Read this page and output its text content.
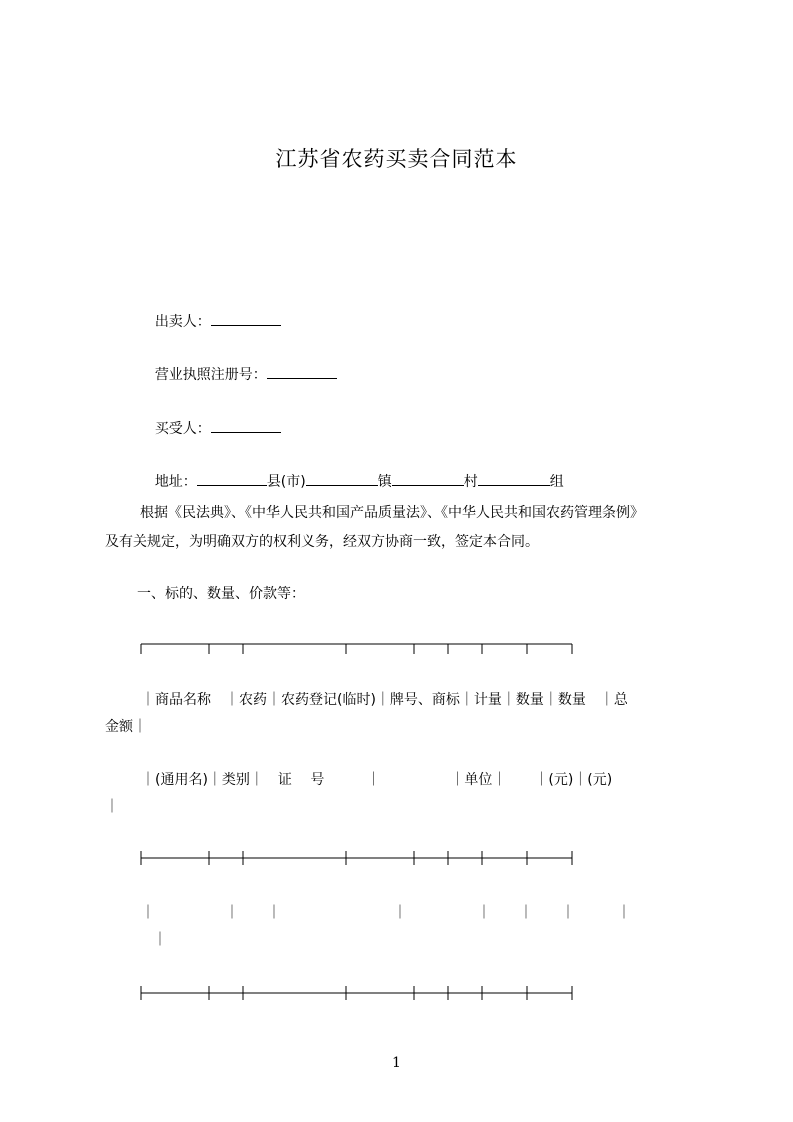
江苏省农药买卖合同范本

出卖人：

营业执照注册号：

买受人：

地址：	县(市)	镇	村	组

根据《民法典》、《中华人民共和国产品质量法》、《中华人民共和国农药管理条例》
及有关规定，为明确双方的权利义务，经双方协商一致，签定本合同。
一、标的、数量、价款等：
｜商品名称　｜农药｜农药登记(临时)｜牌号、商标｜计量｜数量｜数量　｜总
金额｜
｜(通用名)｜类别｜　证　 号　　　｜　　　　　｜单位｜　　｜(元)｜(元)
｜
｜　　　　　｜　　｜　　　　　　　　｜　　　　　｜　　｜　　｜　　　｜
｜
1
